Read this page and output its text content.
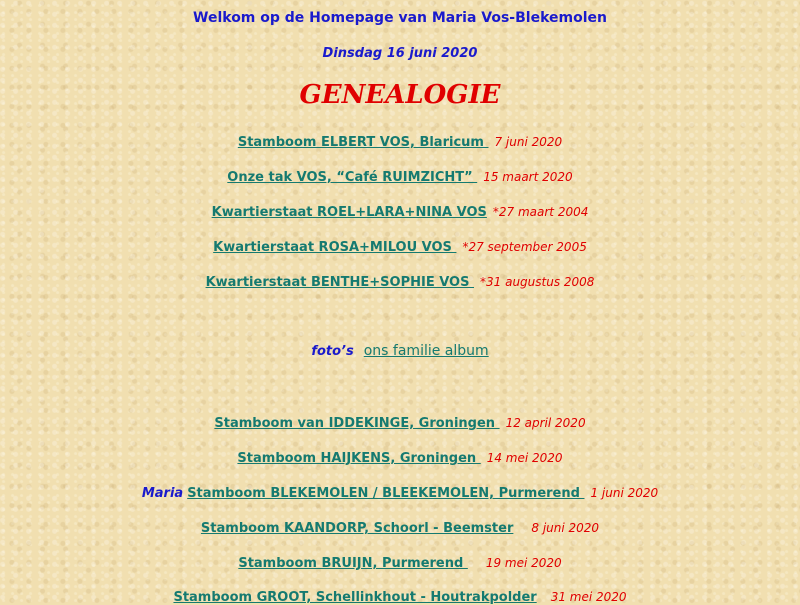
Welkom op de Homepage van Maria Vos-Blekemolen
Dinsdag 16 juni 2020
GENEALOGIE
Stamboom ELBERT VOS, Blaricum 7 juni 2020
Onze tak VOS, “Café RUIMZICHT” 15 maart 2020
Kwartierstaat ROEL+LARA+NINA VOS *27 maart 2004
Kwartierstaat ROSA+MILOU VOS *27 september 2005
Kwartierstaat BENTHE+SOPHIE VOS *31 augustus 2008
foto’s ons familie album
Stamboom van IDDEKINGE, Groningen 12 april 2020
Stamboom HAIJKENS, Groningen 14 mei 2020
Maria Stamboom BLEKEMOLEN / BLEEKEMOLEN, Purmerend 1 juni 2020
Stamboom KAANDORP, Schoorl - Beemster 8 juni 2020
Stamboom BRUIJN, Purmerend 19 mei 2020
Stamboom GROOT, Schellinkhout - Houtrakpolder 31 mei 2020
